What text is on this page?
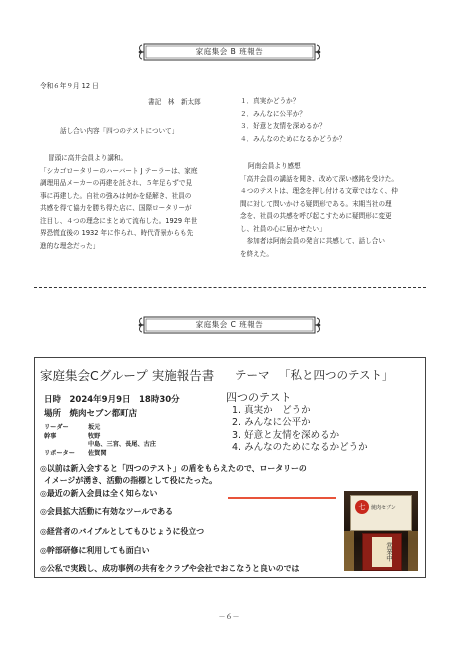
家庭集会 B 班報告
令和６年９月 12 日
書記　林　新太郎
話し合い内容「四つのテストについて」
冒頭に高井会員より講和。
「シカゴロータリーのハーバート J テーラーは、家庭
調理用品メーカーの再建を託され、５年足らずで見
事に再建した。自社の強みは何かを経解き、社員の
共感を得て協力を勝ち得た店に、国際ロータリーが
注目し、４つの理念にまとめて流布した。1929 年世
界恐慌直後の 1932 年に作られ、時代背景からも先
進的な理念だった」
１．真実かどうか？
２．みんなに公平か？
３．好意と友情を深めるか？
４．みんなのためになるかどうか？
阿南会員より感想
「高井会員の講話を聞き、改めて深い感銘を受けた。
４つのテストは、理念を押し付ける文章ではなく、仲
間に対して問いかける疑問形である。末期当社の理
念を、社員の共感を呼び起こすために疑問形に変更
し、社員の心に届かせたい」
　参加者は阿南会員の発言に共感して、話し合い
を終えた。
家庭集会 C 班報告
家庭集会Cグループ 実施報告書 テーマ 「私と四つのテスト」
日時　2024年9月9日　18時30分
場所　焼肉セブン都町店
リーダー	坂元
幹事	牧野
中島、三宮、長尾、古庄
リポーター 佐賀関
四つのテスト
1. 真実か　どうか
2. みんなに公平か
3. 好意と友情を深めるか
4. みんなのためになるかどうか
◎以前は新入会すると「四つのテスト」の盾をもらえたので、ロータリーの
イメージが湧き、活動の指標として役にたった。
◎最近の新入会員は全く知らない
◎会員拡大活動に有効なツールである
◎経営者のバイブルとしてもひじょうに役立つ
◎幹部研修に利用しても面白い
◎公私で実践し、成功事例の共有をクラブや会社でおこなうと良いのでは
七	焼肉セブン
営業中
－６－
